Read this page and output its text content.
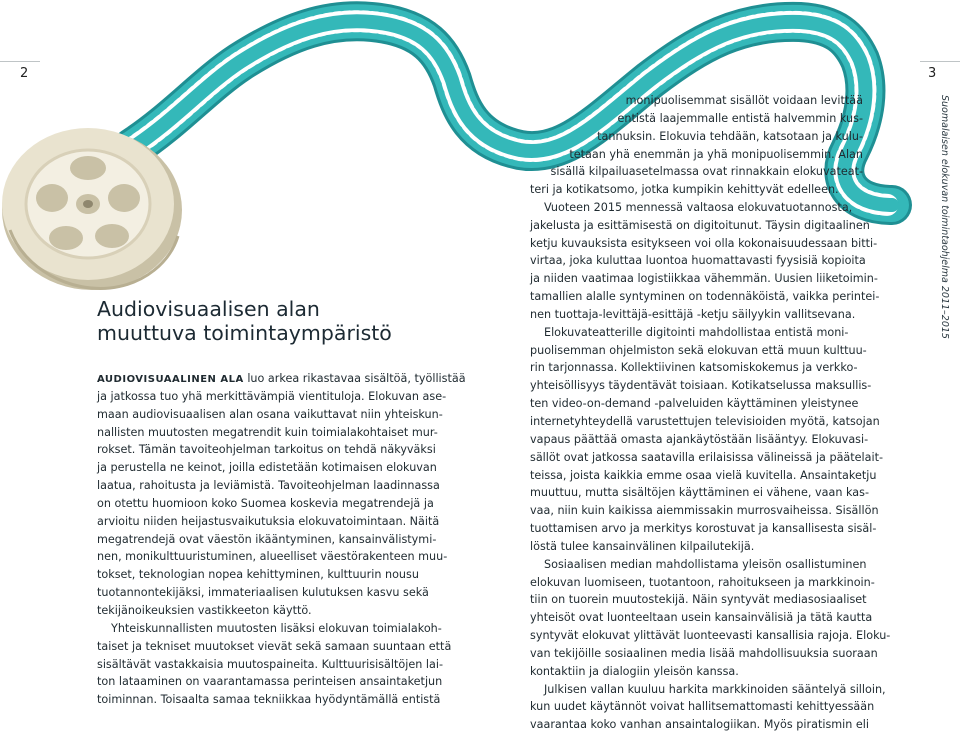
2	3
Audiovisuaalisen alan
muuttuva toimintaympäristö
AUDIOVISUAALINEN ALA luo arkea rikastavaa sisältöä, työllistää
ja jatkossa tuo yhä merkittävämpiä vientituloja. Elokuvan ase-
maan audiovisuaalisen alan osana vaikuttavat niin yhteiskun-
nallisten muutosten megatrendit kuin toimialakohtaiset mur-
rokset. Tämän tavoiteohjelman tarkoitus on tehdä näkyväksi
ja perustella ne keinot, joilla edistetään kotimaisen elokuvan
laatua, rahoitusta ja leviämistä. Tavoiteohjelman laadinnassa
on otettu huomioon koko Suomea koskevia megatrendejä ja
arvioitu niiden heijastusvaikutuksia elokuvatoimintaan. Näitä
megatrendejä ovat väestön ikääntyminen, kansainvälistymi-
nen, monikulttuuristuminen, alueelliset väestörakenteen muu-
tokset, teknologian nopea kehittyminen, kulttuurin nousu
tuotannontekijäksi, immateriaalisen kulutuksen kasvu sekä
tekijänoikeuksien vastikkeeton käyttö.
Yhteiskunnallisten muutosten lisäksi elokuvan toimialakoh-
taiset ja tekniset muutokset vievät sekä samaan suuntaan että
sisältävät vastakkaisia muutospaineita. Kulttuurisisältöjen lai-
ton lataaminen on vaarantamassa perinteisen ansaintaketjun
toiminnan. Toisaalta samaa tekniikkaa hyödyntämällä entistä
monipuolisemmat sisällöt voidaan levittää
entistä laajemmalle entistä halvemmin kus-
tannuksin. Elokuvia tehdään, katsotaan ja kulu-
tetaan yhä enemmän ja yhä monipuolisemmin. Alan
sisällä kilpailuasetelmassa ovat rinnakkain elokuvateat-
teri ja kotikatsomo, jotka kumpikin kehittyvät edelleen.
Vuoteen 2015 mennessä valtaosa elokuvatuotannosta,
jakelusta ja esittämisestä on digitoitunut. Täysin digitaalinen
ketju kuvauksista esitykseen voi olla kokonaisuudessaan bitti-
virtaa, joka kuluttaa luontoa huomattavasti fyysisiä kopioita
ja niiden vaatimaa logistiikkaa vähemmän. Uusien liiketoimin-
tamallien alalle syntyminen on todennäköistä, vaikka perintei-
nen tuottaja-levittäjä-esittäjä -ketju säilyykin vallitsevana.
Elokuvateatterille digitointi mahdollistaa entistä moni-
puolisemman ohjelmiston sekä elokuvan että muun kulttuu-
rin tarjonnassa. Kollektiivinen katsomiskokemus ja verkko-
yhteisöllisyys täydentävät toisiaan. Kotikatselussa maksullis-
ten video-on-demand -palveluiden käyttäminen yleistynee
internetyhteydellä varustettujen televisioiden myötä, katsojan
vapaus päättää omasta ajankäytöstään lisääntyy. Elokuvasi-
sällöt ovat jatkossa saatavilla erilaisissa välineissä ja päätelait-
teissa, joista kaikkia emme osaa vielä kuvitella. Ansaintaketju
muuttuu, mutta sisältöjen käyttäminen ei vähene, vaan kas-
vaa, niin kuin kaikissa aiemmissakin murrosvaiheissa. Sisällön
tuottamisen arvo ja merkitys korostuvat ja kansallisesta sisäl-
löstä tulee kansainvälinen kilpailutekijä.
Sosiaalisen median mahdollistama yleisön osallistuminen
elokuvan luomiseen, tuotantoon, rahoitukseen ja markkinoin-
tiin on tuorein muutostekijä. Näin syntyvät mediasosiaaliset
yhteisöt ovat luonteeltaan usein kansainvälisiä ja tätä kautta
syntyvät elokuvat ylittävät luonteevasti kansallisia rajoja. Eloku-
van tekijöille sosiaalinen media lisää mahdollisuuksia suoraan
kontaktiin ja dialogiin yleisön kanssa.
Julkisen vallan kuuluu harkita markkinoiden sääntelyä silloin,
kun uudet käytännöt voivat hallitsemattomasti kehittyessään
vaarantaa koko vanhan ansaintalogiikan. Myös piratismin eli
Suomalaisen elokuvan toimintaohjelma 2011–2015
